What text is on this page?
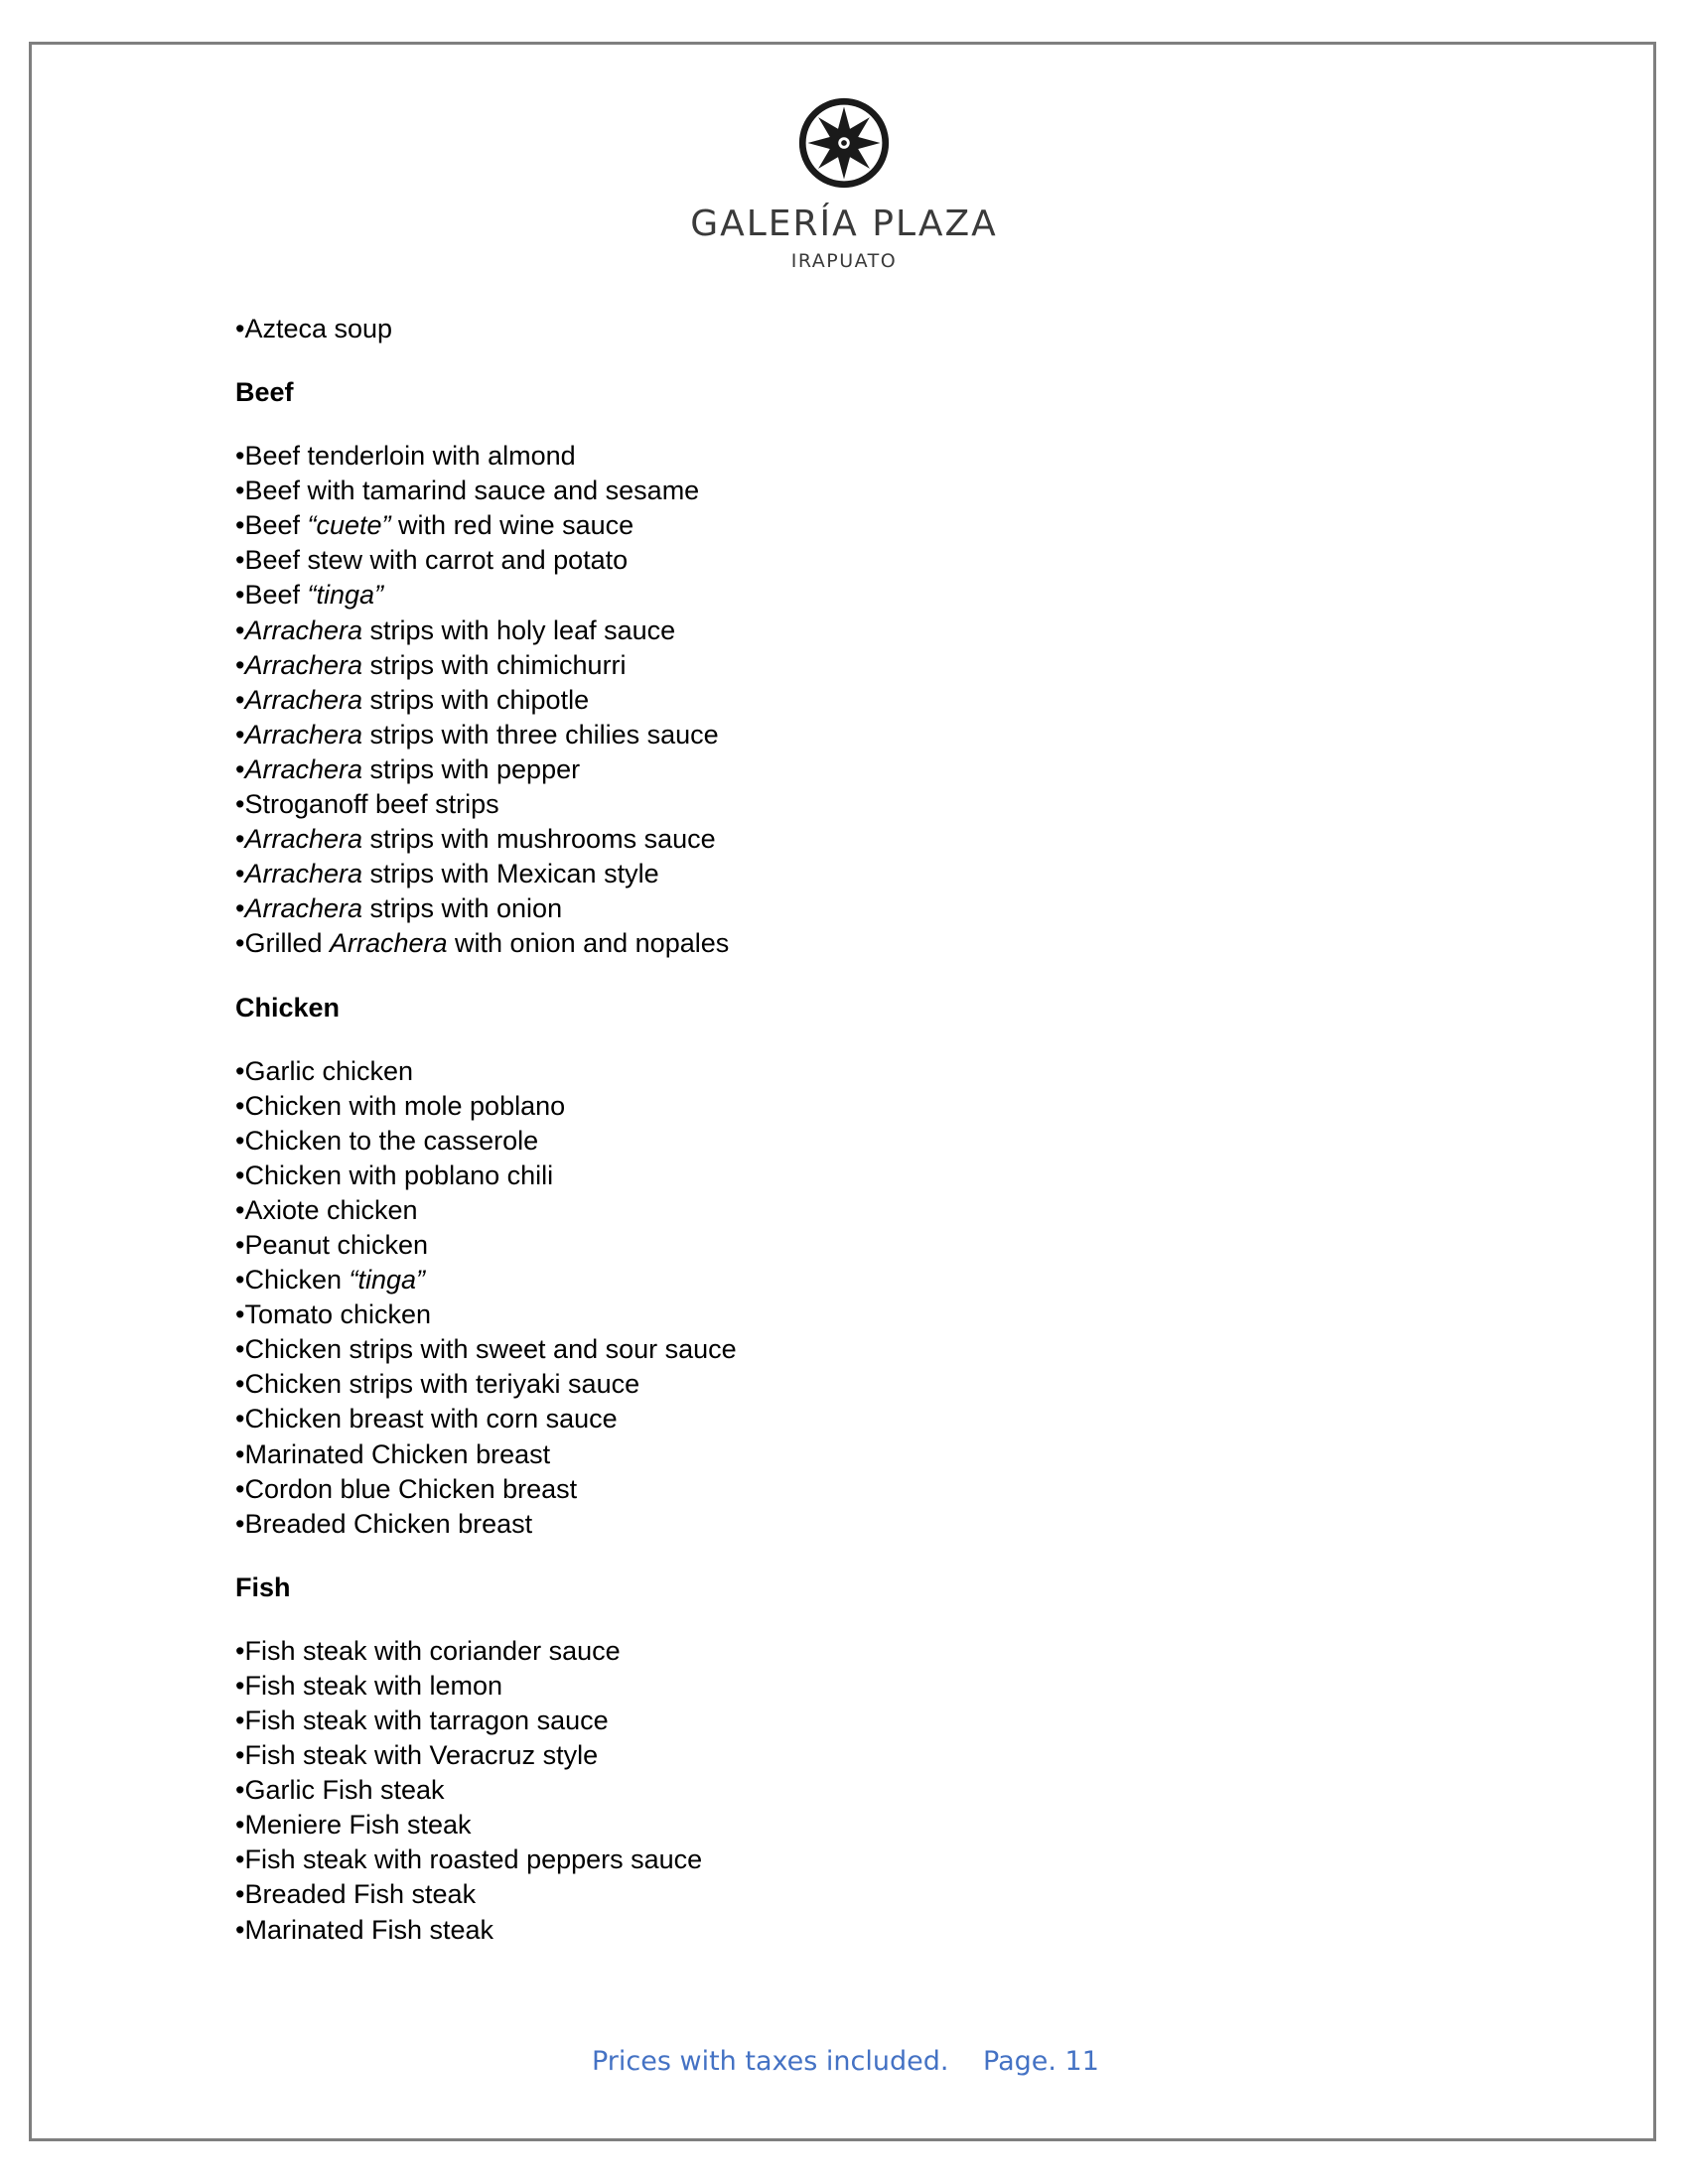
GALERÍA PLAZA
IRAPUATO
•Azteca soup
Beef
•Beef tenderloin with almond
•Beef with tamarind sauce and sesame
•Beef “cuete” with red wine sauce
•Beef stew with carrot and potato
•Beef “tinga”
•Arrachera strips with holy leaf sauce
•Arrachera strips with chimichurri
•Arrachera strips with chipotle
•Arrachera strips with three chilies sauce
•Arrachera strips with pepper
•Stroganoff beef strips
•Arrachera strips with mushrooms sauce
•Arrachera strips with Mexican style
•Arrachera strips with onion
•Grilled Arrachera with onion and nopales
Chicken
•Garlic chicken
•Chicken with mole poblano
•Chicken to the casserole
•Chicken with poblano chili
•Axiote chicken
•Peanut chicken
•Chicken “tinga”
•Tomato chicken
•Chicken strips with sweet and sour sauce
•Chicken strips with teriyaki sauce
•Chicken breast with corn sauce
•Marinated Chicken breast
•Cordon blue Chicken breast
•Breaded Chicken breast
Fish
•Fish steak with coriander sauce
•Fish steak with lemon
•Fish steak with tarragon sauce
•Fish steak with Veracruz style
•Garlic Fish steak
•Meniere Fish steak
•Fish steak with roasted peppers sauce
•Breaded Fish steak
•Marinated Fish steak
Prices with taxes included. Page. 11
